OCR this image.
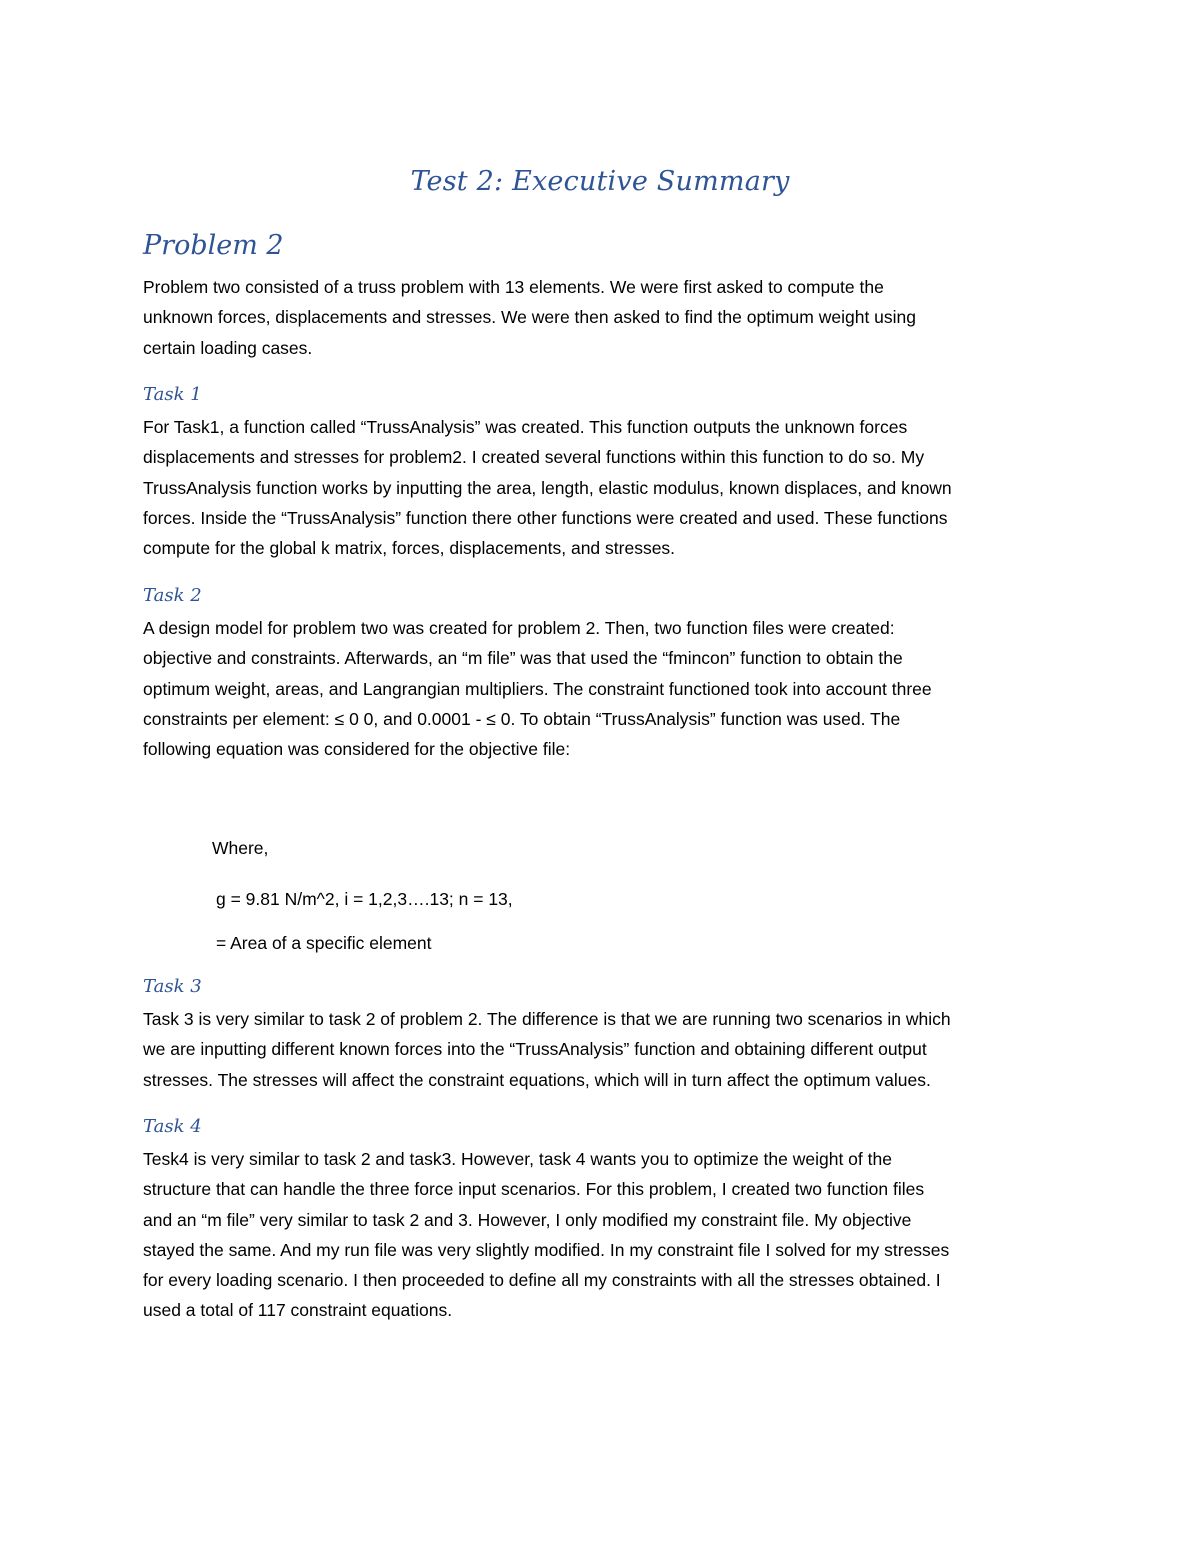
Test 2: Executive Summary
Problem 2
Problem two consisted of a truss problem with 13 elements. We were first asked to compute the
unknown forces, displacements and stresses. We were then asked to find the optimum weight using
certain loading cases.
Task 1
For Task1, a function called “TrussAnalysis” was created. This function outputs the unknown forces
displacements and stresses for problem2. I created several functions within this function to do so. My
TrussAnalysis function works by inputting the area, length, elastic modulus, known displaces, and known
forces. Inside the “TrussAnalysis” function there other functions were created and used. These functions
compute for the global k matrix, forces, displacements, and stresses.
Task 2
A design model for problem two was created for problem 2. Then, two function files were created:
objective and constraints. Afterwards, an “m file” was that used the “fmincon” function to obtain the
optimum weight, areas, and Langrangian multipliers. The constraint functioned took into account three
constraints per element: ≤ 0 0, and 0.0001 - ≤ 0. To obtain “TrussAnalysis” function was used. The
following equation was considered for the objective file:
Where,
g = 9.81 N/m^2, i = 1,2,3….13; n = 13,
= Area of a specific element
Task 3
Task 3 is very similar to task 2 of problem 2. The difference is that we are running two scenarios in which
we are inputting different known forces into the “TrussAnalysis” function and obtaining different output
stresses. The stresses will affect the constraint equations, which will in turn affect the optimum values.
Task 4
Tesk4 is very similar to task 2 and task3. However, task 4 wants you to optimize the weight of the
structure that can handle the three force input scenarios. For this problem, I created two function files
and an “m file” very similar to task 2 and 3. However, I only modified my constraint file. My objective
stayed the same. And my run file was very slightly modified. In my constraint file I solved for my stresses
for every loading scenario. I then proceeded to define all my constraints with all the stresses obtained. I
used a total of 117 constraint equations.
